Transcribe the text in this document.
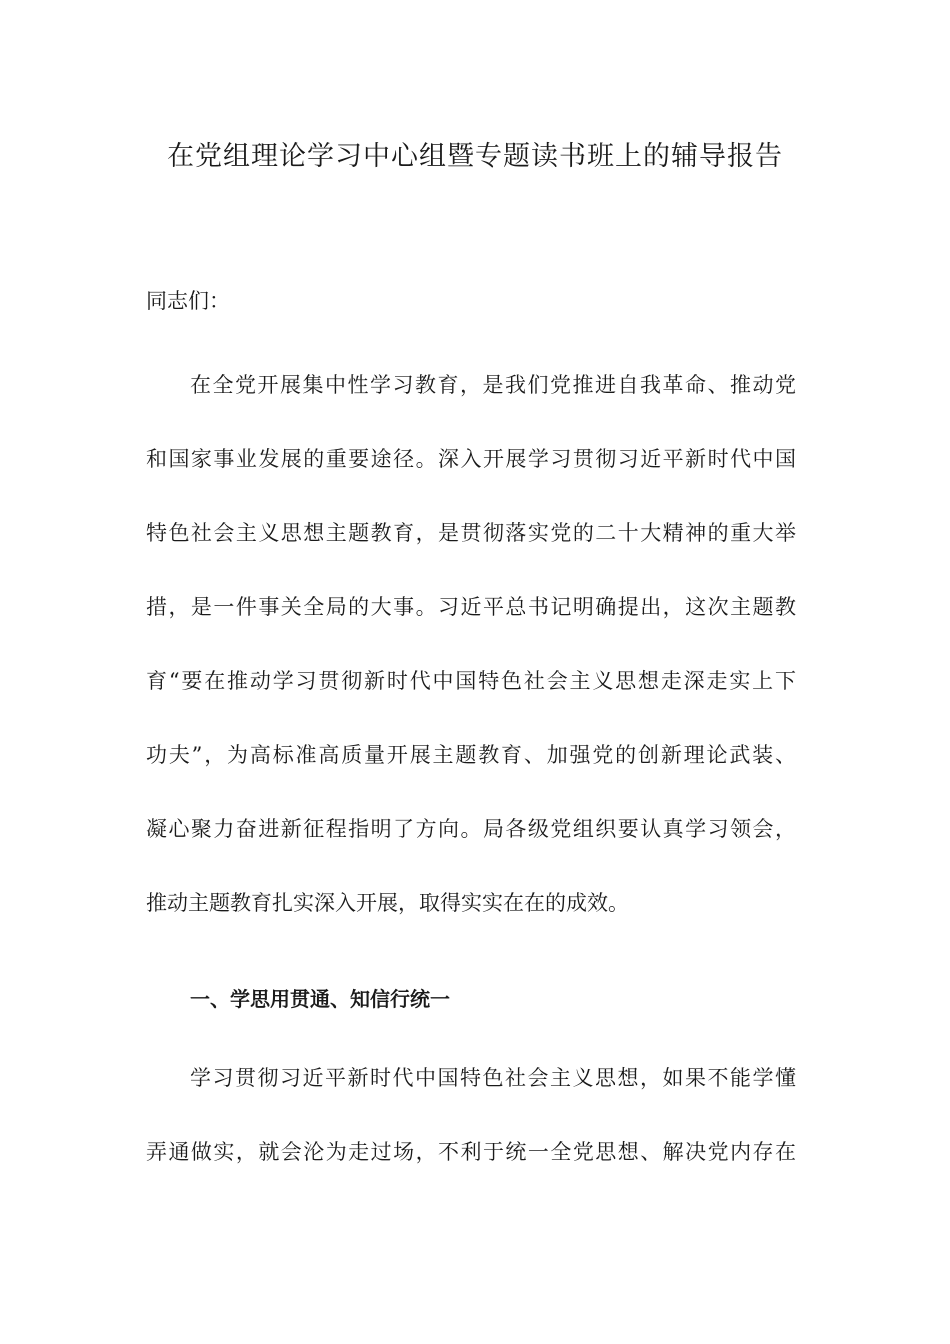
在党组理论学习中心组暨专题读书班上的辅导报告
同志们：
在全党开展集中性学习教育，是我们党推进自我革命、推动党
和国家事业发展的重要途径。深入开展学习贯彻习近平新时代中国
特色社会主义思想主题教育，是贯彻落实党的二十大精神的重大举
措，是一件事关全局的大事。习近平总书记明确提出，这次主题教
育“要在推动学习贯彻新时代中国特色社会主义思想走深走实上下
功夫”，为高标准高质量开展主题教育、加强党的创新理论武装、
凝心聚力奋进新征程指明了方向。局各级党组织要认真学习领会，
推动主题教育扎实深入开展，取得实实在在的成效。
一、学思用贯通、知信行统一
学习贯彻习近平新时代中国特色社会主义思想，如果不能学懂
弄通做实，就会沦为走过场，不利于统一全党思想、解决党内存在
